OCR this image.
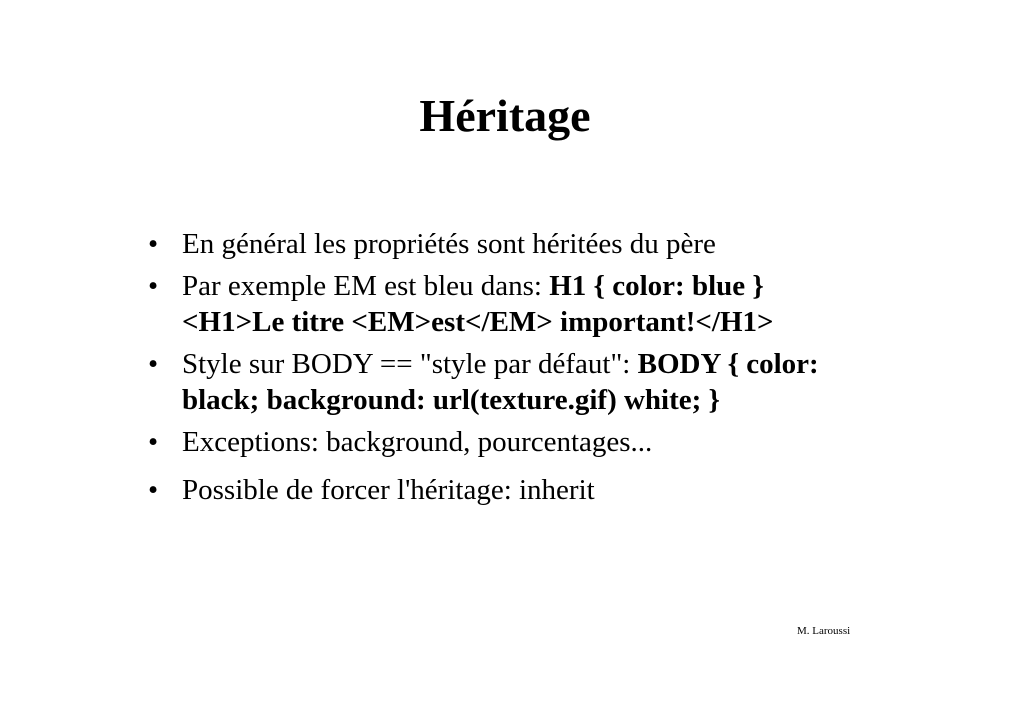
Héritage
• En général les propriétés sont héritées du père
• Par exemple EM est bleu dans: H1 { color: blue } <H1>Le titre <EM>est</EM> important!</H1>
• Style sur BODY == "style par défaut": BODY { color: black; background: url(texture.gif) white; }
• Exceptions: background, pourcentages...
• Possible de forcer l'héritage: inherit
M. Laroussi
